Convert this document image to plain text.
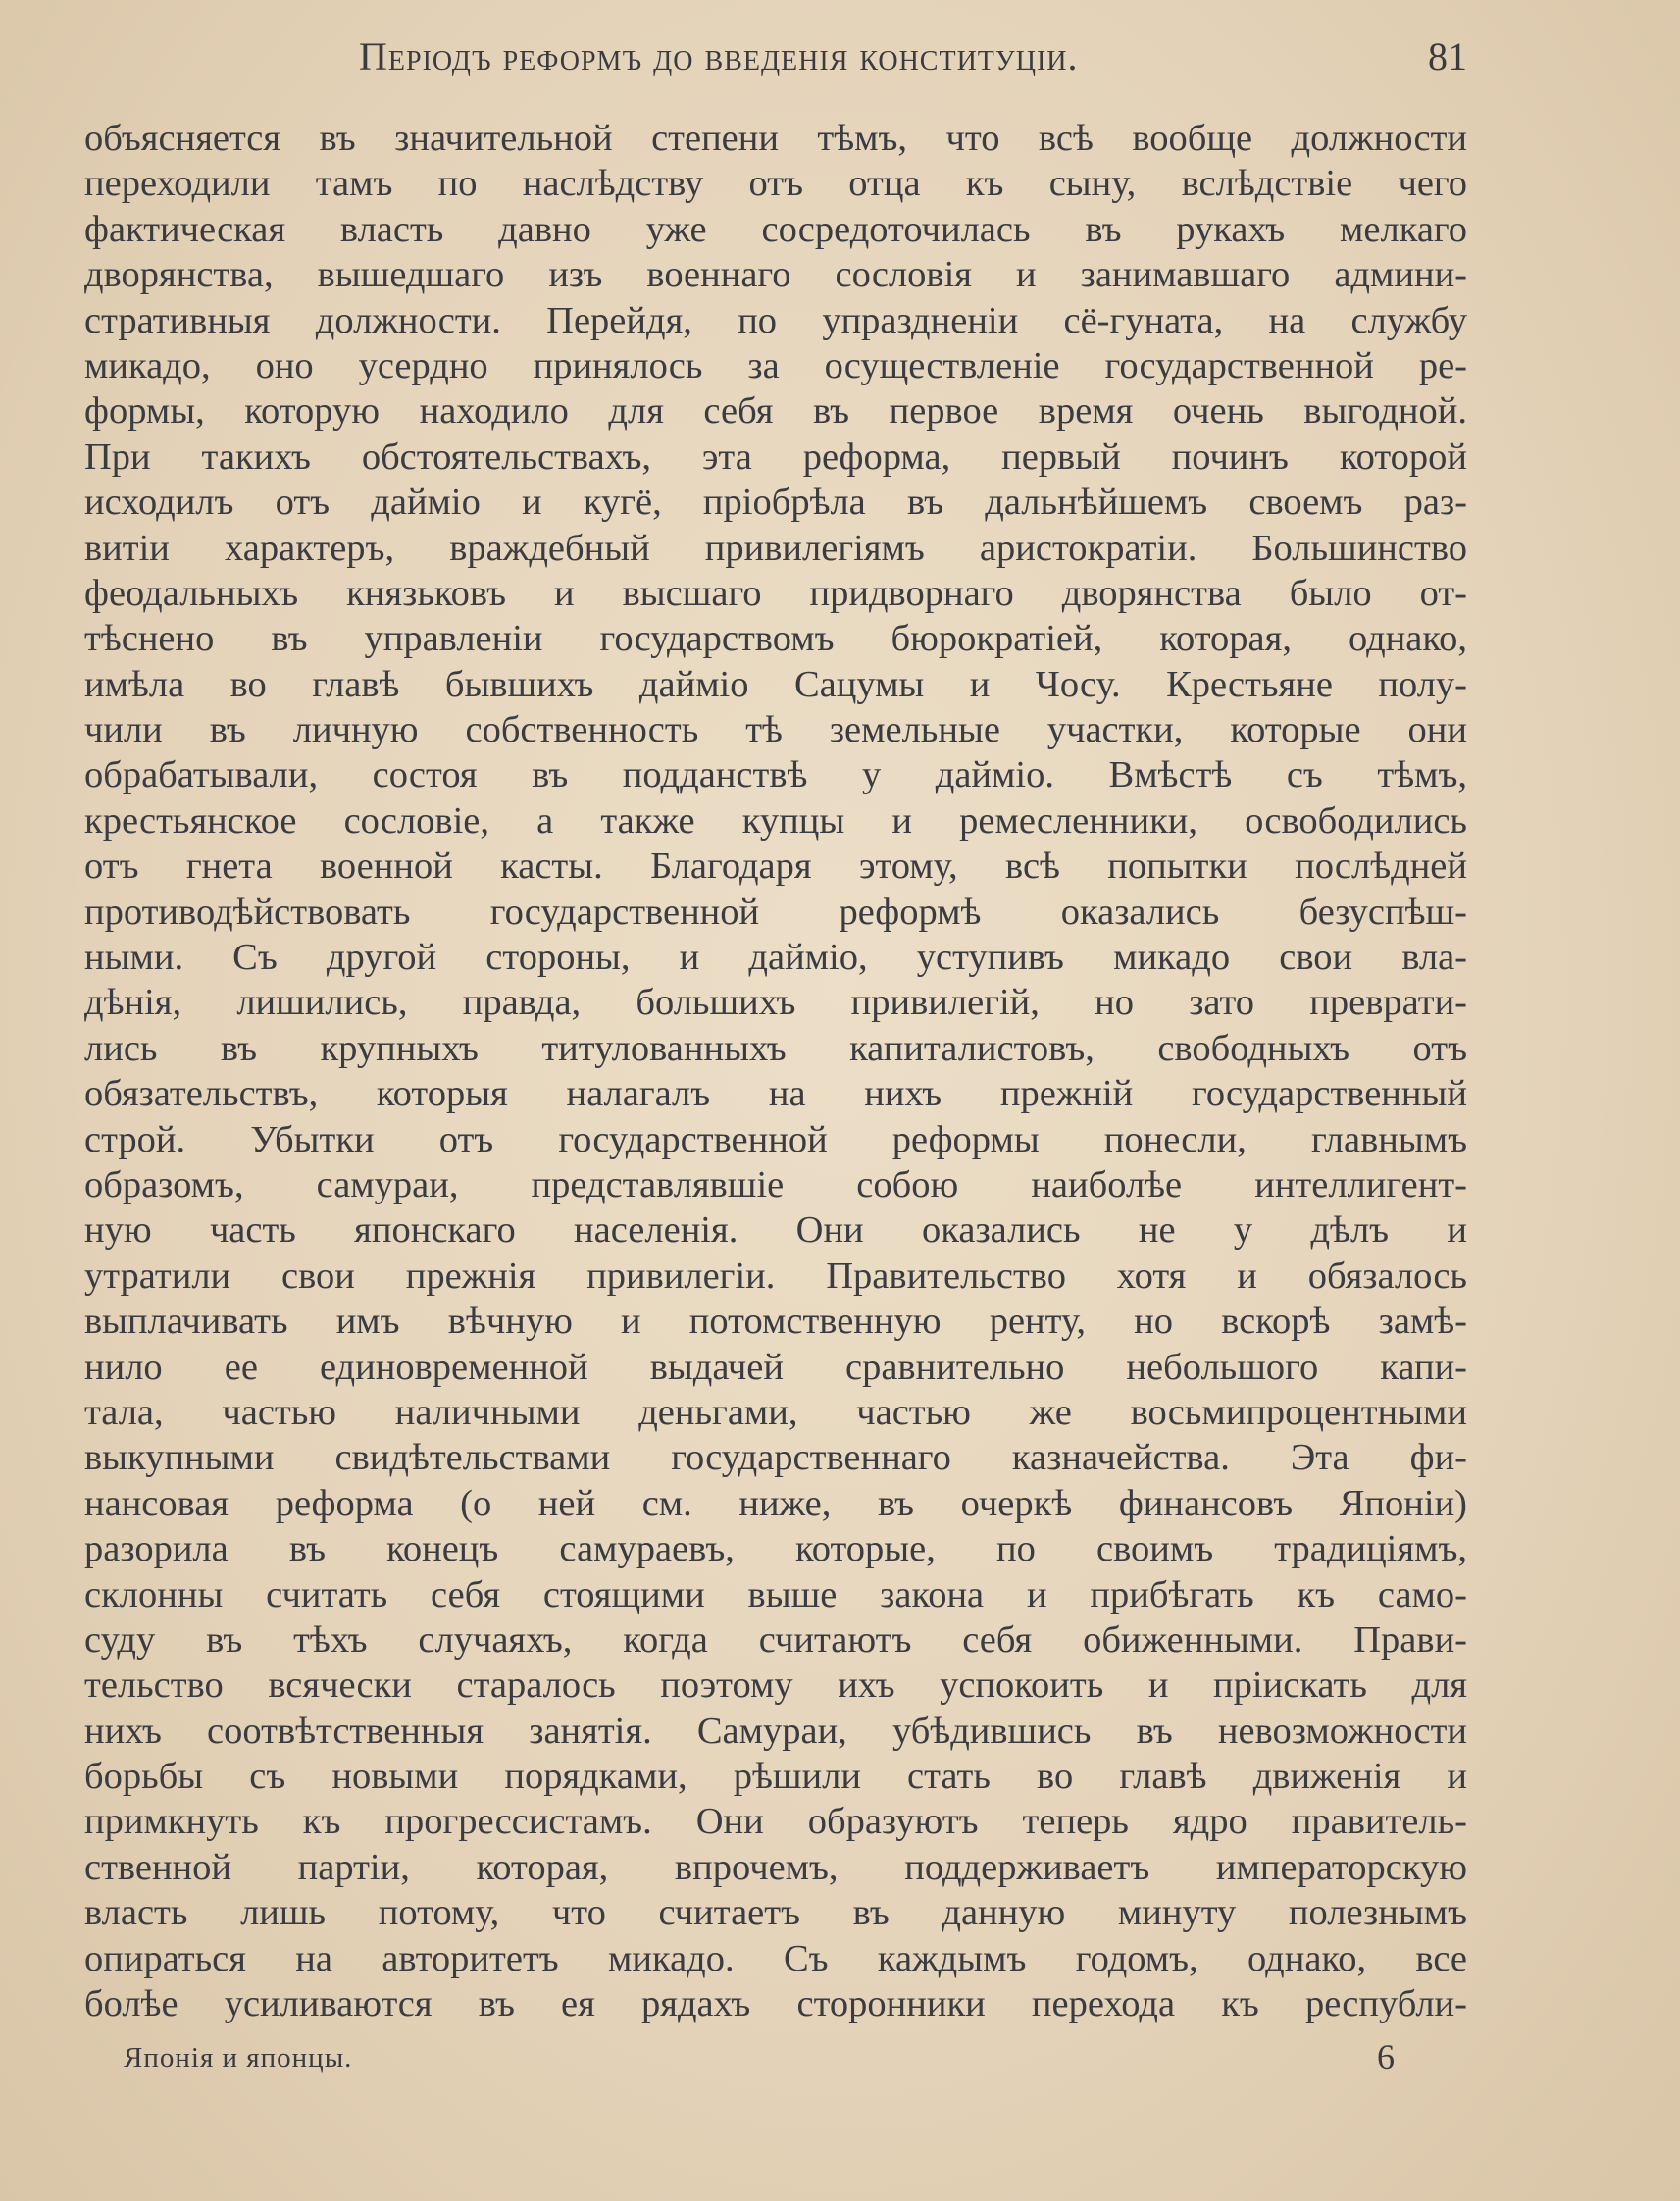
Періодъ реформъ до введенія конституціи.	81
объясняется въ значительной степени тѣмъ, что всѣ вообще должности
переходили тамъ по наслѣдству отъ отца къ сыну, вслѣдствіе чего
фактическая власть давно уже сосредоточилась въ рукахъ мелкаго
дворянства, вышедшаго изъ военнаго сословія и занимавшаго админи-
стративныя должности. Перейдя, по упраздненіи сё-гуната, на службу
микадо, оно усердно принялось за осуществленіе государственной ре-
формы, которую находило для себя въ первое время очень выгодной.
При такихъ обстоятельствахъ, эта реформа, первый починъ которой
исходилъ отъ дайміо и кугё, пріобрѣла въ дальнѣйшемъ своемъ раз-
витіи характеръ, враждебный привилегіямъ аристократіи. Большинство
феодальныхъ князьковъ и высшаго придворнаго дворянства было от-
тѣснено въ управленіи государствомъ бюрократіей, которая, однако,
имѣла во главѣ бывшихъ дайміо Сацумы и Чосу. Крестьяне полу-
чили въ личную собственность тѣ земельные участки, которые они
обрабатывали, состоя въ подданствѣ у дайміо. Вмѣстѣ съ тѣмъ,
крестьянское сословіе, а также купцы и ремесленники, освободились
отъ гнета военной касты. Благодаря этому, всѣ попытки послѣдней
противодѣйствовать государственной реформѣ оказались безуспѣш-
ными. Съ другой стороны, и дайміо, уступивъ микадо свои вла-
дѣнія, лишились, правда, большихъ привилегій, но зато преврати-
лись въ крупныхъ титулованныхъ капиталистовъ, свободныхъ отъ
обязательствъ, которыя налагалъ на нихъ прежній государственный
строй. Убытки отъ государственной реформы понесли, главнымъ
образомъ, самураи, представлявшіе собою наиболѣе интеллигент-
ную часть японскаго населенія. Они оказались не у дѣлъ и
утратили свои прежнія привилегіи. Правительство хотя и обязалось
выплачивать имъ вѣчную и потомственную ренту, но вскорѣ замѣ-
нило ее единовременной выдачей сравнительно небольшого капи-
тала, частью наличными деньгами, частью же восьмипроцентными
выкупными свидѣтельствами государственнаго казначейства. Эта фи-
нансовая реформа (о ней см. ниже, въ очеркѣ финансовъ Японіи)
разорила въ конецъ самураевъ, которые, по своимъ традиціямъ,
склонны считать себя стоящими выше закона и прибѣгать къ само-
суду въ тѣхъ случаяхъ, когда считаютъ себя обиженными. Прави-
тельство всячески старалось поэтому ихъ успокоить и пріискать для
нихъ соотвѣтственныя занятія. Самураи, убѣдившись въ невозможности
борьбы съ новыми порядками, рѣшили стать во главѣ движенія и
примкнуть къ прогрессистамъ. Они образуютъ теперь ядро правитель-
ственной партіи, которая, впрочемъ, поддерживаетъ императорскую
власть лишь потому, что считаетъ въ данную минуту полезнымъ
опираться на авторитетъ микадо. Съ каждымъ годомъ, однако, все
болѣе усиливаются въ ея рядахъ сторонники перехода къ республи-
Японія и японцы.	6
